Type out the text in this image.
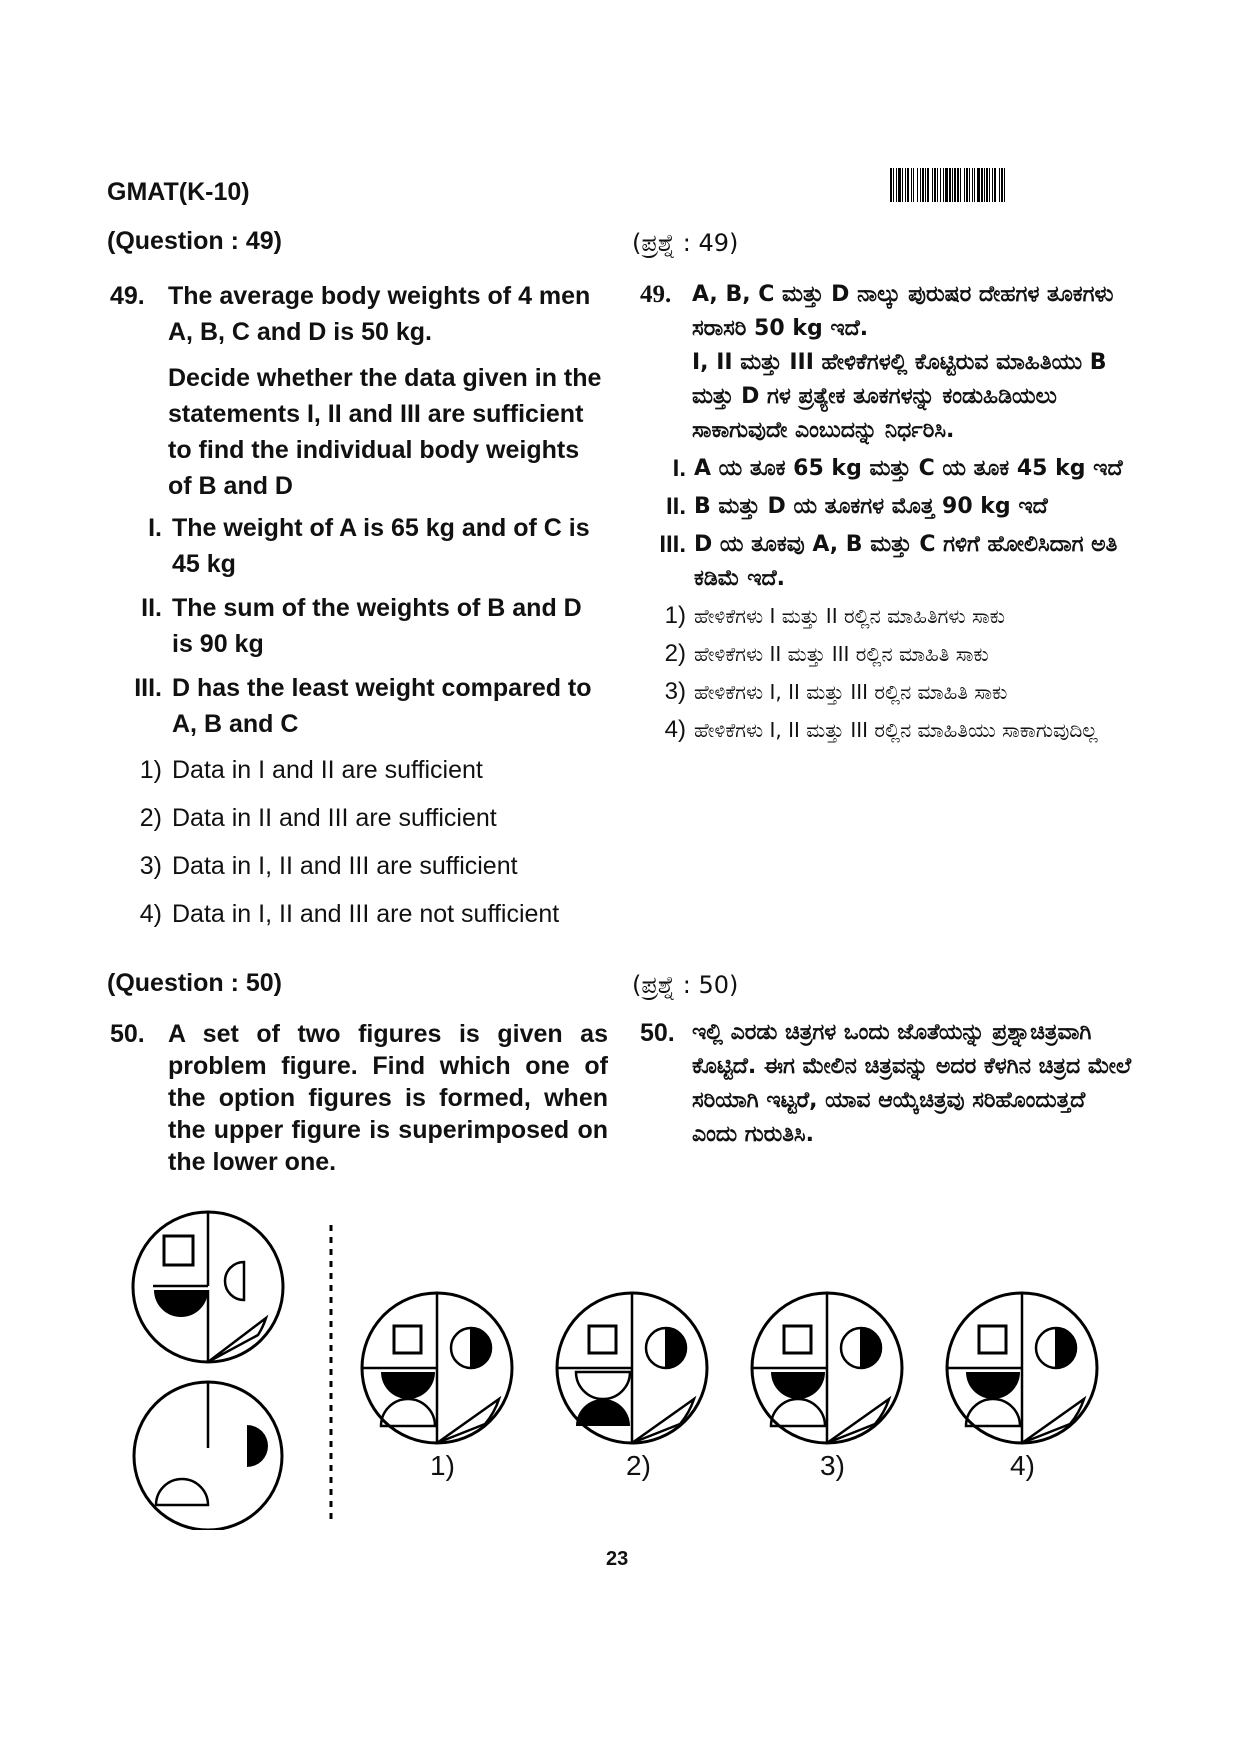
GMAT(K-10)
(Question : 49)
49. The average body weights of 4 men A, B, C and D is 50 kg.
Decide whether the data given in the statements I, II and III are sufficient to find the individual body weights of B and D
I. The weight of A is 65 kg and of C is 45 kg
II. The sum of the weights of B and D is 90 kg
III. D has the least weight compared to A, B and C
1) Data in I and II are sufficient
2) Data in II and III are sufficient
3) Data in I, II and III are sufficient
4) Data in I, II and III are not sufficient
(ಪ್ರಶ್ನೆ : 49)
49. A, B, C ಮತ್ತು D ನಾಲ್ಕು ಪುರುಷರ ದೇಹಗಳ ತೂಕಗಳು ಸರಾಸರಿ 50 kg ಇದೆ.
I, II ಮತ್ತು III ಹೇಳಿಕೆಗಳಲ್ಲಿ ಕೊಟ್ಟಿರುವ ಮಾಹಿತಿಯು B ಮತ್ತು D ಗಳ ಪ್ರತ್ಯೇಕ ತೂಕಗಳನ್ನು ಕಂಡುಹಿಡಿಯಲು ಸಾಕಾಗುವುದೇ ಎಂಬುದನ್ನು ನಿರ್ಧರಿಸಿ.
I. A ಯ ತೂಕ 65 kg ಮತ್ತು C ಯ ತೂಕ 45 kg ಇದೆ
II. B ಮತ್ತು D ಯ ತೂಕಗಳ ಮೊತ್ತ 90 kg ಇದೆ
III. D ಯ ತೂಕವು A, B ಮತ್ತು C ಗಳಿಗೆ ಹೋಲಿಸಿದಾಗ ಅತಿ ಕಡಿಮೆ ಇದೆ.
1) ಹೇಳಿಕೆಗಳು I ಮತ್ತು II ರಲ್ಲಿನ ಮಾಹಿತಿಗಳು ಸಾಕು
2) ಹೇಳಿಕೆಗಳು II ಮತ್ತು III ರಲ್ಲಿನ ಮಾಹಿತಿ ಸಾಕು
3) ಹೇಳಿಕೆಗಳು I, II ಮತ್ತು III ರಲ್ಲಿನ ಮಾಹಿತಿ ಸಾಕು
4) ಹೇಳಿಕೆಗಳು I, II ಮತ್ತು III ರಲ್ಲಿನ ಮಾಹಿತಿಯು ಸಾಕಾಗುವುದಿಲ್ಲ
(Question : 50)
50. A set of two figures is given as problem figure. Find which one of the option figures is formed, when the upper figure is superimposed on the lower one.
(ಪ್ರಶ್ನೆ : 50)
50. ಇಲ್ಲಿ ಎರಡು ಚಿತ್ರಗಳ ಒಂದು ಜೊತೆಯನ್ನು ಪ್ರಶ್ನಾಚಿತ್ರವಾಗಿ ಕೊಟ್ಟಿದೆ. ಈಗ ಮೇಲಿನ ಚಿತ್ರವನ್ನು ಅದರ ಕೆಳಗಿನ ಚಿತ್ರದ ಮೇಲೆ ಸರಿಯಾಗಿ ಇಟ್ಟರೆ, ಯಾವ ಆಯ್ಕೆಚಿತ್ರವು ಸರಿಹೊಂದುತ್ತದೆ ಎಂದು ಗುರುತಿಸಿ.
1)	2)	3)	4)
23
